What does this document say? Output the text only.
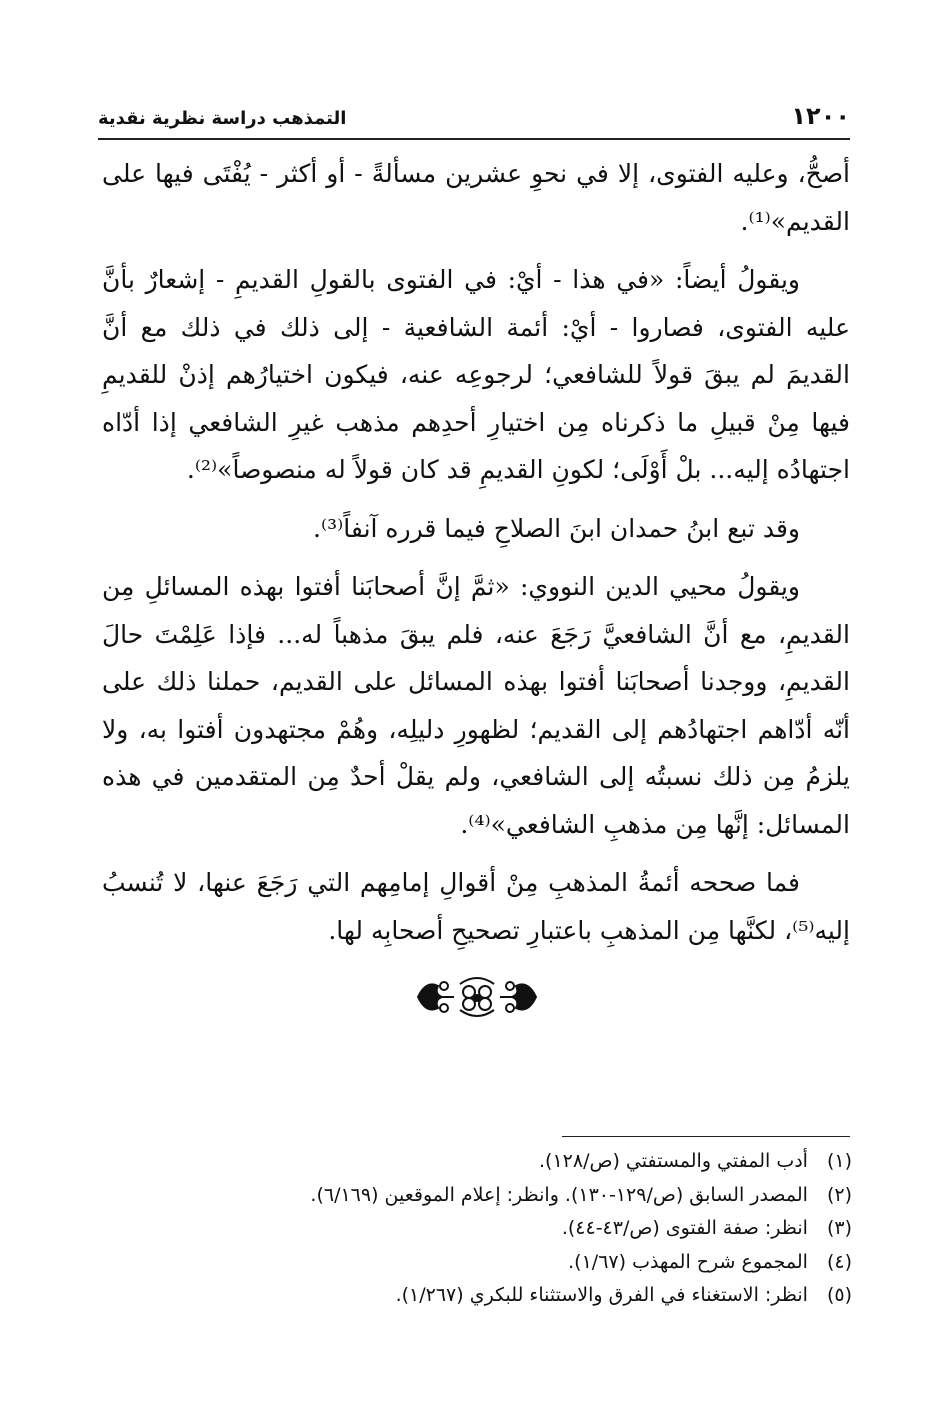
١٢٠٠
التمذهب دراسة نظرية نقدية

أصحُّ، وعليه الفتوى، إلا في نحوِ عشرين مسألةً - أو أكثر - يُفْتَى فيها على القديم»⁽¹⁾.

ويقولُ أيضاً: «في هذا - أيْ: في الفتوى بالقولِ القديمِ - إشعارٌ بأنَّ عليه الفتوى، فصاروا - أيْ: أئمة الشافعية - إلى ذلك في ذلك مع أنَّ القديمَ لم يبقَ قولاً للشافعي؛ لرجوعِه عنه، فيكون اختيارُهم إذنْ للقديمِ فيها مِنْ قبيلِ ما ذكرناه مِن اختيارِ أحدِهم مذهب غيرِ الشافعي إذا أدّاه اجتهادُه إليه... بلْ أَوْلَى؛ لكونِ القديمِ قد كان قولاً له منصوصاً»⁽²⁾.

وقد تبع ابنُ حمدان ابنَ الصلاحِ فيما قرره آنفاً⁽³⁾.

ويقولُ محيي الدين النووي: «ثمَّ إنَّ أصحابَنا أفتوا بهذه المسائلِ مِن القديمِ، مع أنَّ الشافعيَّ رَجَعَ عنه، فلم يبقَ مذهباً له... فإذا عَلِمْتَ حالَ القديمِ، ووجدنا أصحابَنا أفتوا بهذه المسائل على القديم، حملنا ذلك على أنّه أدّاهم اجتهادُهم إلى القديم؛ لظهورِ دليلِه، وهُمْ مجتهدون أفتوا به، ولا يلزمُ مِن ذلك نسبتُه إلى الشافعي، ولم يقلْ أحدٌ مِن المتقدمين في هذه المسائل: إنَّها مِن مذهبِ الشافعي»⁽⁴⁾.

فما صححه أئمةُ المذهبِ مِنْ أقوالِ إمامِهم التي رَجَعَ عنها، لا تُنسبُ إليه⁽⁵⁾، لكنَّها مِن المذهبِ باعتبارِ تصحيحِ أصحابِه لها.

(١) أدب المفتي والمستفتي (ص/١٢٨).
(٢) المصدر السابق (ص/١٢٩-١٣٠). وانظر: إعلام الموقعين (٦/١٦٩).
(٣) انظر: صفة الفتوى (ص/٤٣-٤٤).
(٤) المجموع شرح المهذب (١/٦٧).
(٥) انظر: الاستغناء في الفرق والاستثناء للبكري (١/٢٦٧).
